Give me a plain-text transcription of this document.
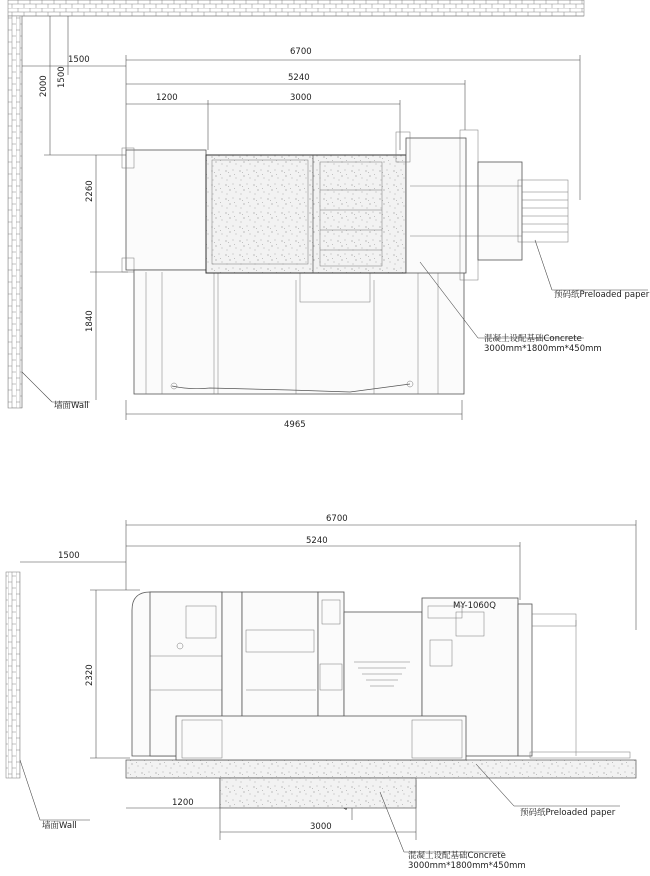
6700
1500
5240
1200	3000
2000 1500
2260
1840
4965
预码纸Preloaded paper
混凝土设配基础Concrete
3000mm*1800mm*450mm
墙面Wall
6700
5240
1500
2320
1200
3000
MY-1060Q
预码纸Preloaded paper
混凝土设配基础Concrete
3000mm*1800mm*450mm
墙面Wall
